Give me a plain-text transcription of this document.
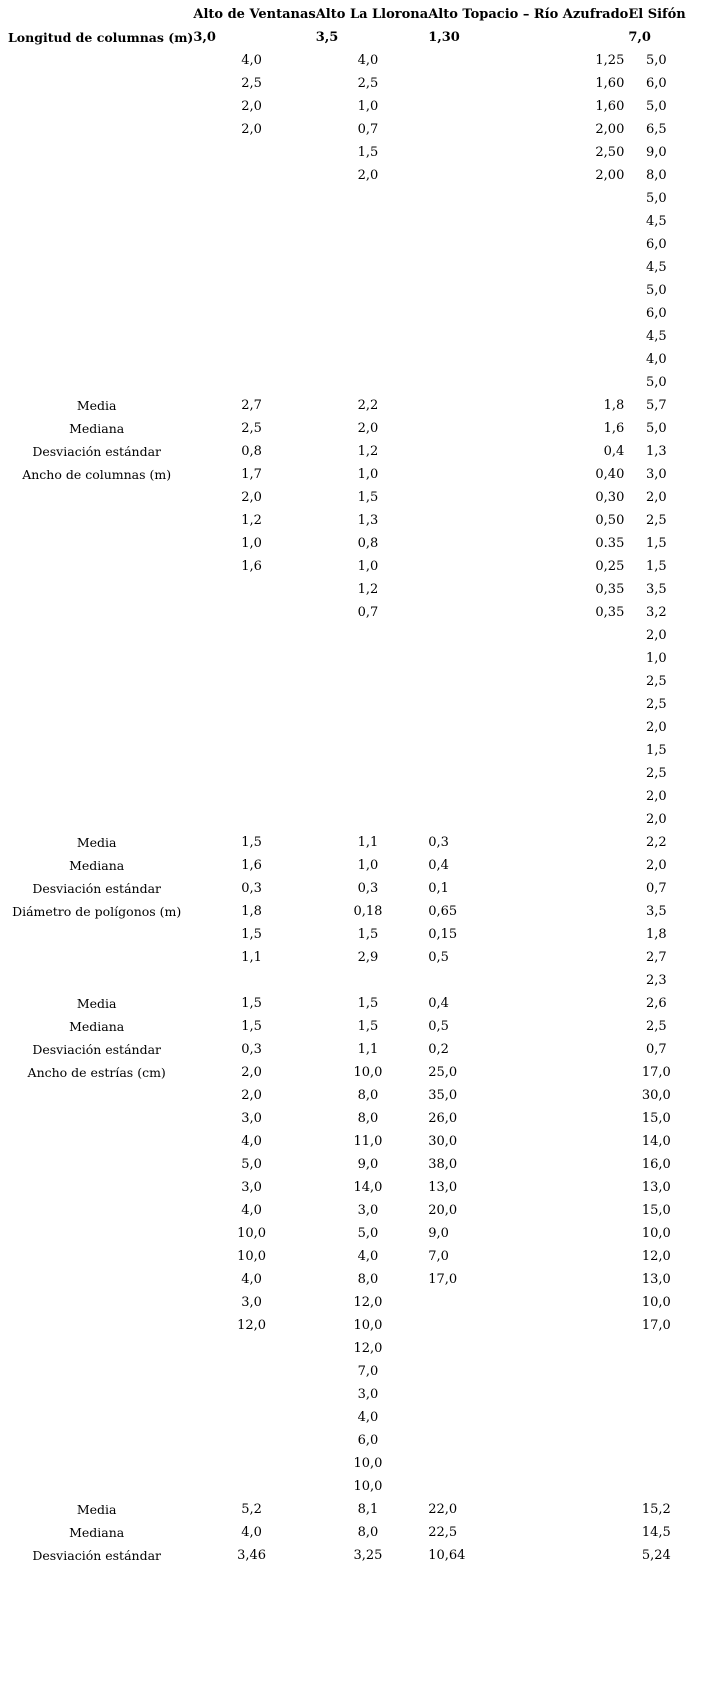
	Alto de Ventanas	Alto La Llorona	Alto Topacio – Río Azufrado	El Sifón
Longitud de columnas (m)	3,0	3,5	1,30	7,0
	4,0	4,0	1,25	5,0
	2,5	2,5	1,60	6,0
	2,0	1,0	1,60	5,0
	2,0	0,7	2,00	6,5
		1,5	2,50	9,0
		2,0	2,00	8,0
				5,0
				4,5
				6,0
				4,5
				5,0
				6,0
				4,5
				4,0
				5,0
Media	2,7	2,2	1,8	5,7
Mediana	2,5	2,0	1,6	5,0
Desviación estándar	0,8	1,2	0,4	1,3
Ancho de columnas (m)	1,7	1,0	0,40	3,0
	2,0	1,5	0,30	2,0
	1,2	1,3	0,50	2,5
	1,0	0,8	0.35	1,5
	1,6	1,0	0,25	1,5
		1,2	0,35	3,5
		0,7	0,35	3,2
				2,0
				1,0
				2,5
				2,5
				2,0
				1,5
				2,5
				2,0
				2,0
Media	1,5	1,1	0,3	2,2
Mediana	1,6	1,0	0,4	2,0
Desviación estándar	0,3	0,3	0,1	0,7
Diámetro de polígonos (m)	1,8	0,18	0,65	3,5
	1,5	1,5	0,15	1,8
	1,1	2,9	0,5	2,7
				2,3
Media	1,5	1,5	0,4	2,6
Mediana	1,5	1,5	0,5	2,5
Desviación estándar	0,3	1,1	0,2	0,7
Ancho de estrías (cm)	2,0	10,0	25,0	17,0
	2,0	8,0	35,0	30,0
	3,0	8,0	26,0	15,0
	4,0	11,0	30,0	14,0
	5,0	9,0	38,0	16,0
	3,0	14,0	13,0	13,0
	4,0	3,0	20,0	15,0
	10,0	5,0	9,0	10,0
	10,0	4,0	7,0	12,0
	4,0	8,0	17,0	13,0
	3,0	12,0		10,0
	12,0	10,0		17,0
		12,0		
		7,0		
		3,0		
		4,0		
		6,0		
		10,0		
		10,0		
Media	5,2	8,1	22,0	15,2
Mediana	4,0	8,0	22,5	14,5
Desviación estándar	3,46	3,25	10,64	5,24
